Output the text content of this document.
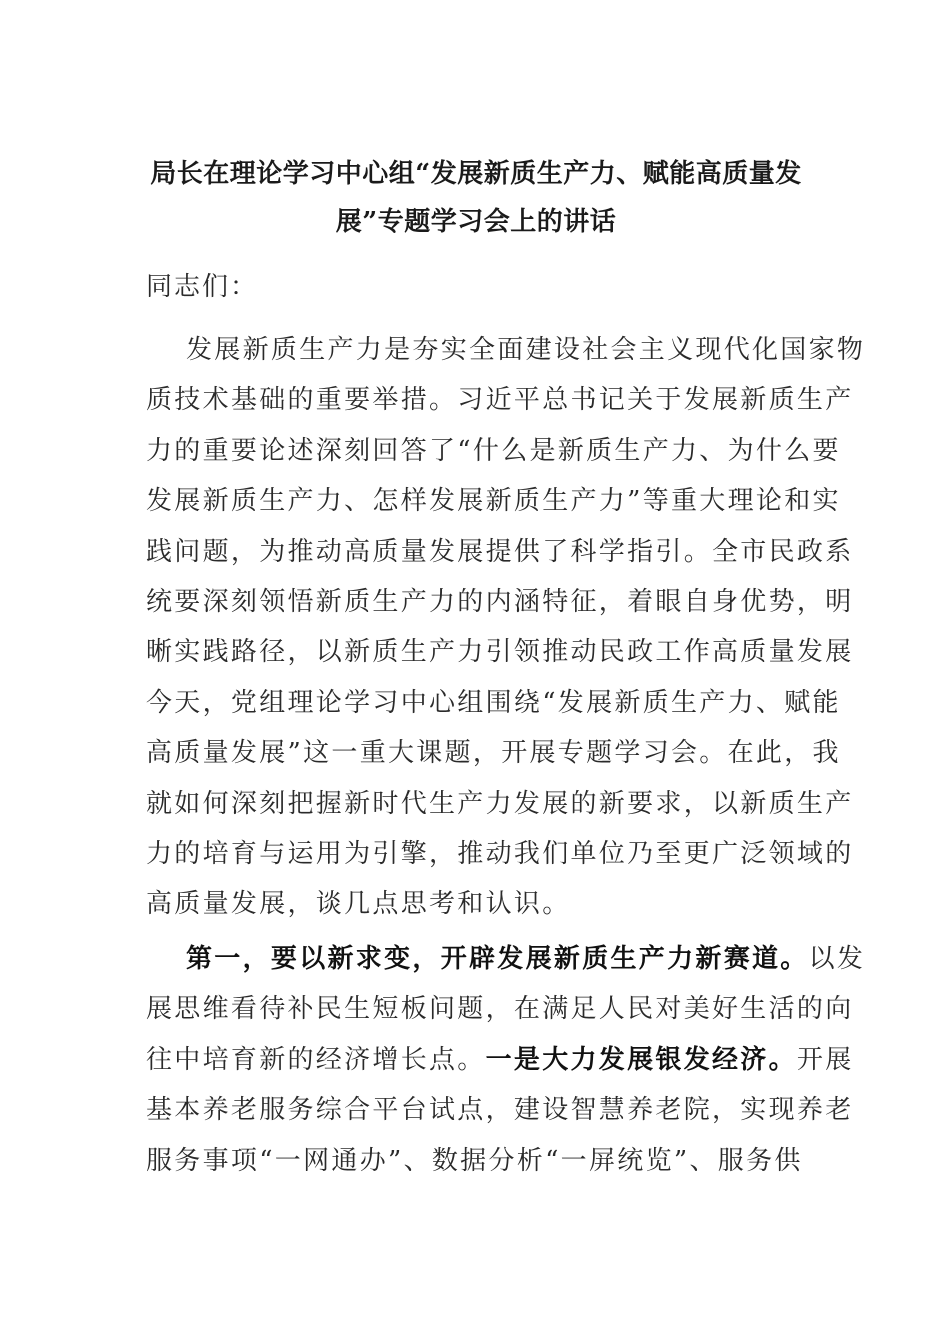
局长在理论学习中心组“发展新质生产力、赋能高质量发
展”专题学习会上的讲话
同志们：
发展新质生产力是夯实全面建设社会主义现代化国家物
质技术基础的重要举措。习近平总书记关于发展新质生产
力的重要论述深刻回答了“什么是新质生产力、为什么要
发展新质生产力、怎样发展新质生产力”等重大理论和实
践问题，为推动高质量发展提供了科学指引。全市民政系
统要深刻领悟新质生产力的内涵特征，着眼自身优势，明
晰实践路径，以新质生产力引领推动民政工作高质量发展
今天，党组理论学习中心组围绕“发展新质生产力、赋能
高质量发展”这一重大课题，开展专题学习会。在此，我
就如何深刻把握新时代生产力发展的新要求，以新质生产
力的培育与运用为引擎，推动我们单位乃至更广泛领域的
高质量发展，谈几点思考和认识。
第一，要以新求变，开辟发展新质生产力新赛道。以发
展思维看待补民生短板问题，在满足人民对美好生活的向
往中培育新的经济增长点。一是大力发展银发经济。开展
基本养老服务综合平台试点，建设智慧养老院，实现养老
服务事项“一网通办”、数据分析“一屏统览”、服务供
